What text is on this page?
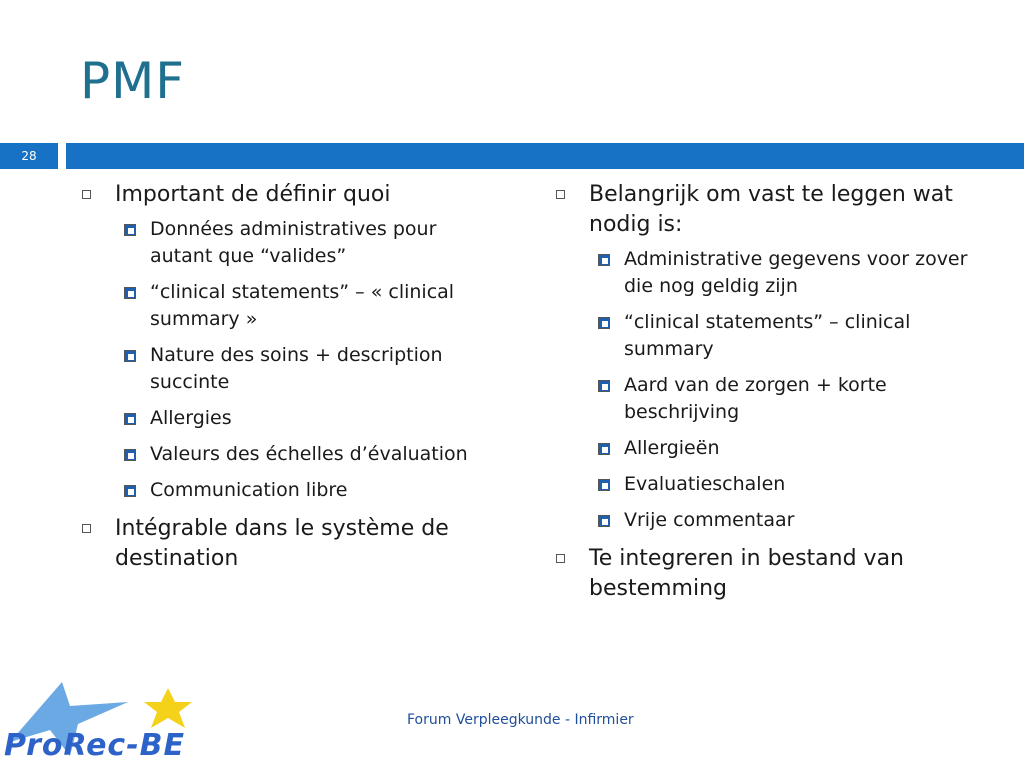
PMF
28
Important de définir quoi
Données administratives pour autant que “valides”
“clinical statements” – « clinical summary »
Nature des soins + description succinte
Allergies
Valeurs des échelles d’évaluation
Communication libre
Intégrable dans le système de destination
Belangrijk om vast te leggen wat nodig is:
Administrative gegevens voor zover die nog geldig zijn
“clinical statements” – clinical summary
Aard van de zorgen + korte beschrijving
Allergieën
Evaluatieschalen
Vrije commentaar
Te integreren in bestand van bestemming
Forum Verpleegkunde - Infirmier
ProRec-BE
